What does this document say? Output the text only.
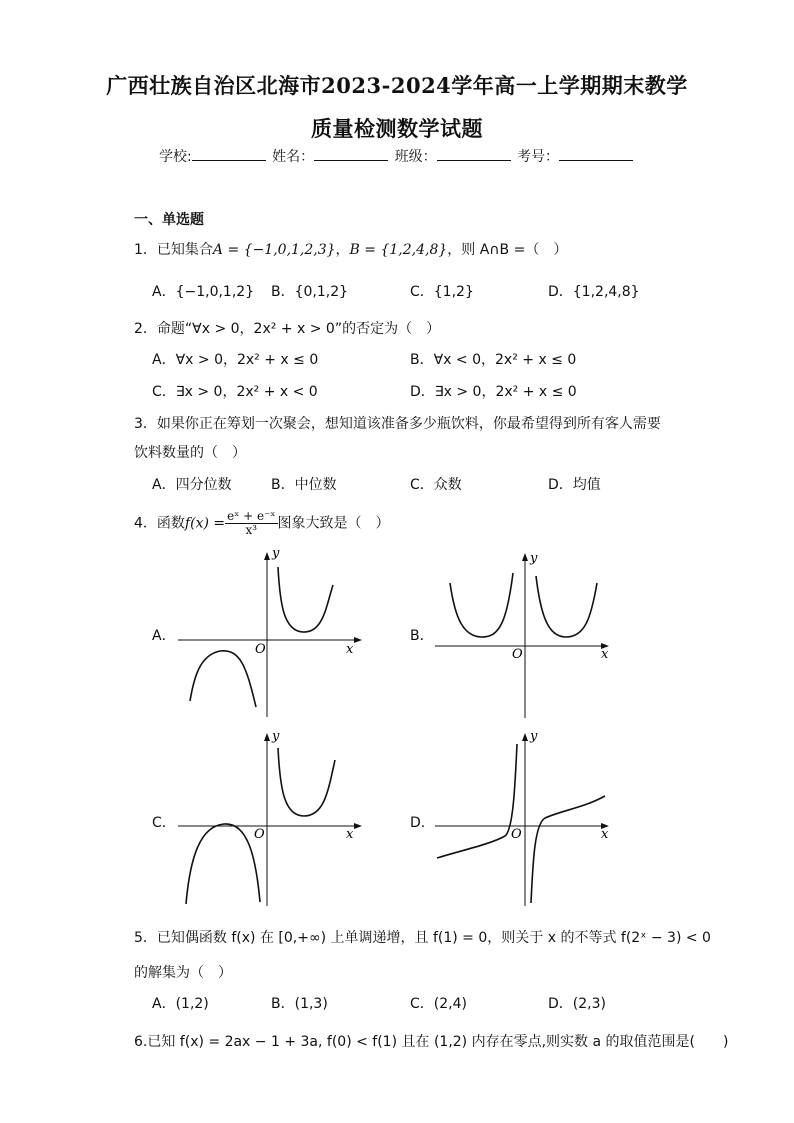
广西壮族自治区北海市2023-2024学年高一上学期期末教学
质量检测数学试题
学校:	姓名：	班级：	考号：
一、单选题
1．已知集合A = {−1,0,1,2,3}，B = {1,2,4,8}，则 A∩B =（　）
A．{−1,0,1,2} B．{0,1,2}	C．{1,2}	D．{1,2,4,8}
2．命题“∀x > 0，2x² + x > 0”的否定为（　）
A．∀x > 0，2x² + x ≤ 0	B．∀x < 0，2x² + x ≤ 0
C．∃x > 0，2x² + x < 0	D．∃x > 0，2x² + x ≤ 0
3．如果你正在筹划一次聚会，想知道该准备多少瓶饮料，你最希望得到所有客人需要
饮料数量的（　）
A．四分位数	B．中位数	C．众数	D．均值
4．函数$f(x) = \frac{\text{eˣ + e⁻ˣ}}{\text{x³}}$ 图象大致是（　）
A．	B．
C．	D．
y
x
O
y
x
O
y
x
O
y
x
O
5．已知偶函数 f(x) 在 [0,+∞) 上单调递增，且 f(1) = 0，则关于 x 的不等式 f(2ˣ − 3) < 0
的解集为（　）
A．(1,2)	B．(1,3)	C．(2,4)	D．(2,3)
6.已知 f(x) = 2ax − 1 + 3a, f(0) < f(1) 且在 (1,2) 内存在零点,则实数 a 的取值范围是(　　)
